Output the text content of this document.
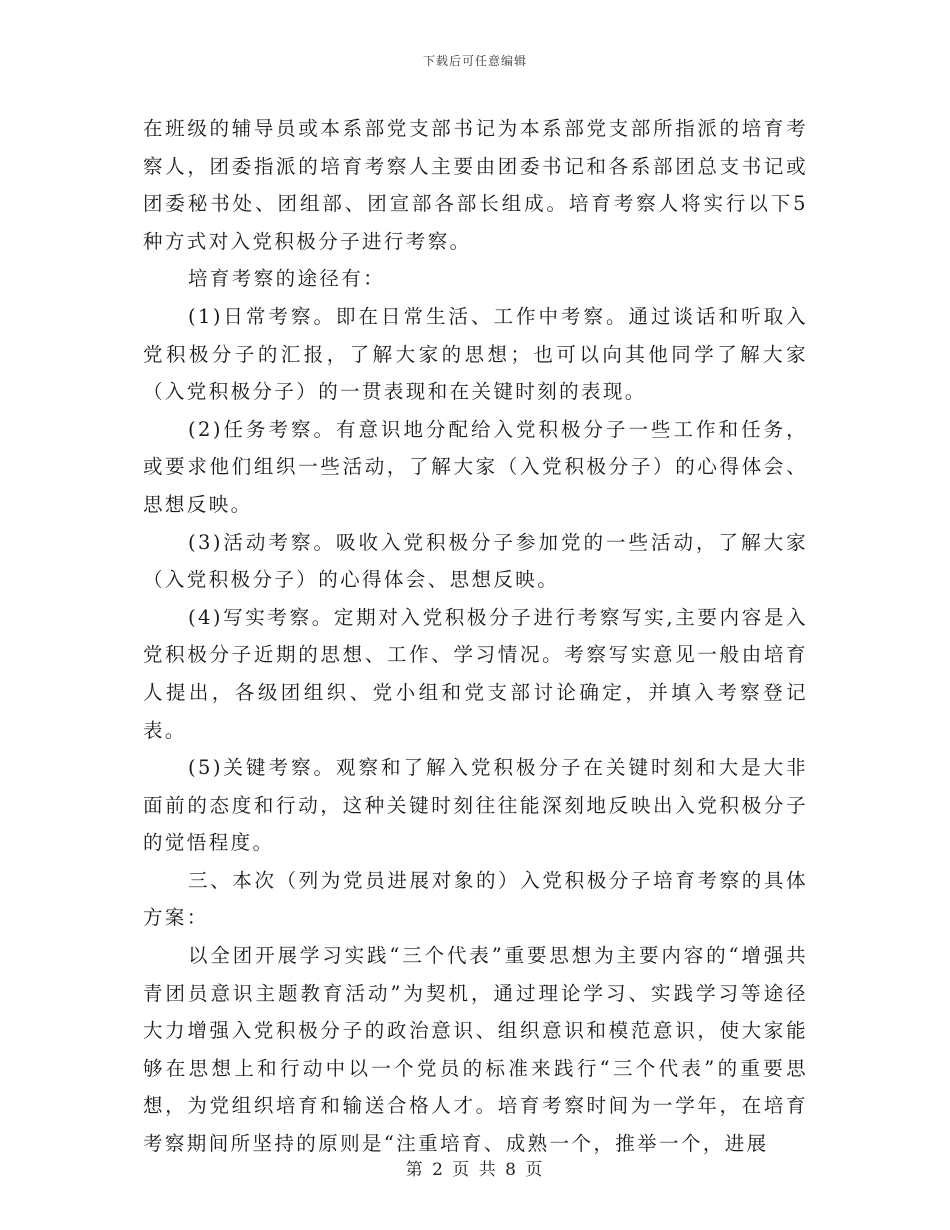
下载后可任意编辑

在班级的辅导员或本系部党支部书记为本系部党支部所指派的培育考察人，团委指派的培育考察人主要由团委书记和各系部团总支书记或团委秘书处、团组部、团宣部各部长组成。培育考察人将实行以下5种方式对入党积极分子进行考察。

培育考察的途径有：

(1)日常考察。即在日常生活、工作中考察。通过谈话和听取入党积极分子的汇报，了解大家的思想；也可以向其他同学了解大家（入党积极分子）的一贯表现和在关键时刻的表现。

(2)任务考察。有意识地分配给入党积极分子一些工作和任务，或要求他们组织一些活动，了解大家（入党积极分子）的心得体会、思想反映。

(3)活动考察。吸收入党积极分子参加党的一些活动，了解大家（入党积极分子）的心得体会、思想反映。

(4)写实考察。定期对入党积极分子进行考察写实,主要内容是入党积极分子近期的思想、工作、学习情况。考察写实意见一般由培育人提出，各级团组织、党小组和党支部讨论确定，并填入考察登记表。

(5)关键考察。观察和了解入党积极分子在关键时刻和大是大非面前的态度和行动，这种关键时刻往往能深刻地反映出入党积极分子的觉悟程度。

三、本次（列为党员进展对象的）入党积极分子培育考察的具体方案：

以全团开展学习实践“三个代表”重要思想为主要内容的“增强共青团员意识主题教育活动”为契机，通过理论学习、实践学习等途径大力增强入党积极分子的政治意识、组织意识和模范意识，使大家能够在思想上和行动中以一个党员的标准来践行“三个代表”的重要思想，为党组织培育和输送合格人才。培育考察时间为一学年，在培育考察期间所坚持的原则是“注重培育、成熟一个，推举一个，进展

第 2 页 共 8 页
